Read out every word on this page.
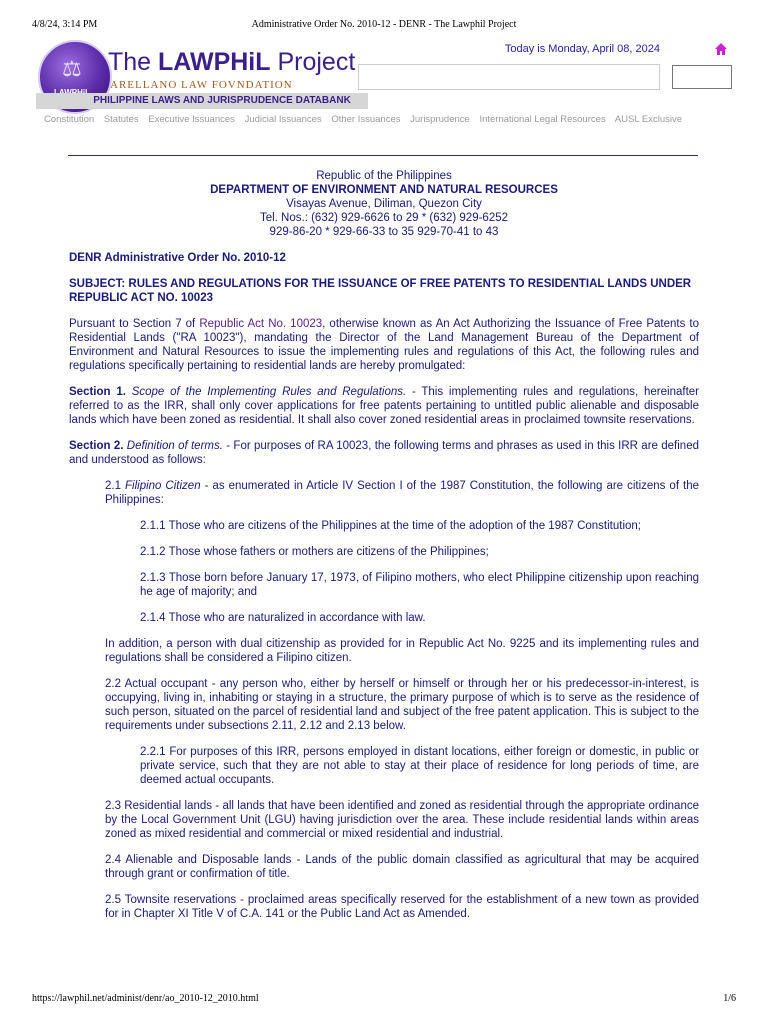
4/8/24, 3:14 PM	Administrative Order No. 2010-12 - DENR - The Lawphil Project
⚖ The LAWPHiL Project
ARELLANO LAW FOVNDATION
PHILIPPINE LAWS AND JURISPRUDENCE DATABANK
Today is Monday, April 08, 2024
Constitution Statutes Executive Issuances Judicial Issuances Other Issuances Jurisprudence International Legal Resources AUSL Exclusive
Republic of the Philippines
DEPARTMENT OF ENVIRONMENT AND NATURAL RESOURCES
Visayas Avenue, Diliman, Quezon City
Tel. Nos.: (632) 929-6626 to 29 * (632) 929-6252
929-86-20 * 929-66-33 to 35 929-70-41 to 43

DENR Administrative Order No. 2010-12

SUBJECT: RULES AND REGULATIONS FOR THE ISSUANCE OF FREE PATENTS TO RESIDENTIAL LANDS UNDER REPUBLIC ACT NO. 10023

Pursuant to Section 7 of Republic Act No. 10023, otherwise known as An Act Authorizing the Issuance of Free Patents to Residential Lands ("RA 10023"), mandating the Director of the Land Management Bureau of the Department of Environment and Natural Resources to issue the implementing rules and regulations of this Act, the following rules and regulations specifically pertaining to residential lands are hereby promulgated:

Section 1. Scope of the Implementing Rules and Regulations. - This implementing rules and regulations, hereinafter referred to as the IRR, shall only cover applications for free patents pertaining to untitled public alienable and disposable lands which have been zoned as residential. It shall also cover zoned residential areas in proclaimed townsite reservations.

Section 2. Definition of terms. - For purposes of RA 10023, the following terms and phrases as used in this IRR are defined and understood as follows:

2.1 Filipino Citizen - as enumerated in Article IV Section I of the 1987 Constitution, the following are citizens of the Philippines:

2.1.1 Those who are citizens of the Philippines at the time of the adoption of the 1987 Constitution;

2.1.2 Those whose fathers or mothers are citizens of the Philippines;

2.1.3 Those born before January 17, 1973, of Filipino mothers, who elect Philippine citizenship upon reaching he age of majority; and

2.1.4 Those who are naturalized in accordance with law.

In addition, a person with dual citizenship as provided for in Republic Act No. 9225 and its implementing rules and regulations shall be considered a Filipino citizen.

2.2 Actual occupant - any person who, either by herself or himself or through her or his predecessor-in-interest, is occupying, living in, inhabiting or staying in a structure, the primary purpose of which is to serve as the residence of such person, situated on the parcel of residential land and subject of the free patent application. This is subject to the requirements under subsections 2.11, 2.12 and 2.13 below.

2.2.1 For purposes of this IRR, persons employed in distant locations, either foreign or domestic, in public or private service, such that they are not able to stay at their place of residence for long periods of time, are deemed actual occupants.

2.3 Residential lands - all lands that have been identified and zoned as residential through the appropriate ordinance by the Local Government Unit (LGU) having jurisdiction over the area. These include residential lands within areas zoned as mixed residential and commercial or mixed residential and industrial.

2.4 Alienable and Disposable lands - Lands of the public domain classified as agricultural that may be acquired through grant or confirmation of title.

2.5 Townsite reservations - proclaimed areas specifically reserved for the establishment of a new town as provided for in Chapter XI Title V of C.A. 141 or the Public Land Act as Amended.

https://lawphil.net/administ/denr/ao_2010-12_2010.html	1/6
